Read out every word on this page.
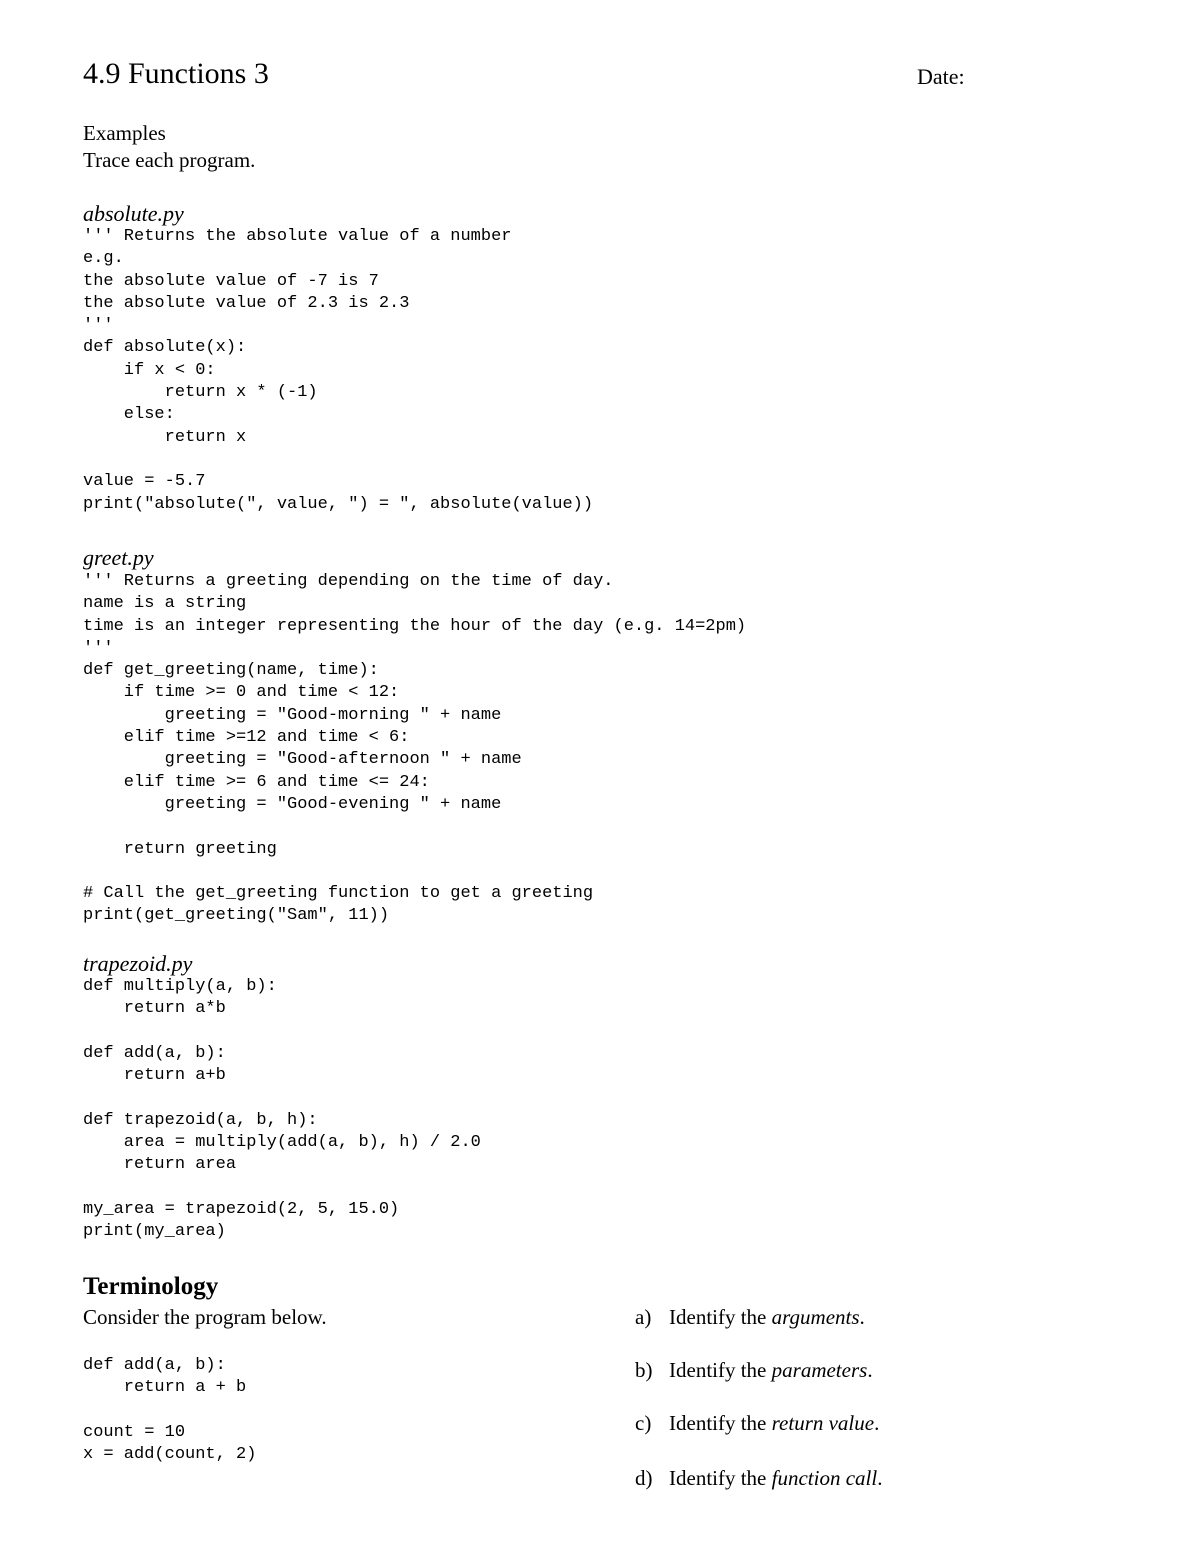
4.9 Functions 3	Date:
Examples
Trace each program.
absolute.py
''' Returns the absolute value of a number
e.g.
the absolute value of -7 is 7
the absolute value of 2.3 is 2.3
'''
def absolute(x):
if x < 0:
return x * (-1)
else:
return x
value = -5.7
print("absolute(", value, ") = ", absolute(value))
greet.py
''' Returns a greeting depending on the time of day.
name is a string
time is an integer representing the hour of the day (e.g. 14=2pm)
'''
def get_greeting(name, time):
if time >= 0 and time < 12:
greeting = "Good-morning " + name
elif time >=12 and time < 6:
greeting = "Good-afternoon " + name
elif time >= 6 and time <= 24:
greeting = "Good-evening " + name
return greeting
# Call the get_greeting function to get a greeting
print(get_greeting("Sam", 11))
trapezoid.py
def multiply(a, b):
return a*b
def add(a, b):
return a+b
def trapezoid(a, b, h):
area = multiply(add(a, b), h) / 2.0
return area
my_area = trapezoid(2, 5, 15.0)
print(my_area)
Terminology
Consider the program below.
def add(a, b):
return a + b
count = 10
x = add(count, 2)
a) Identify the arguments.
b) Identify the parameters.
c) Identify the return value.
d) Identify the function call.
